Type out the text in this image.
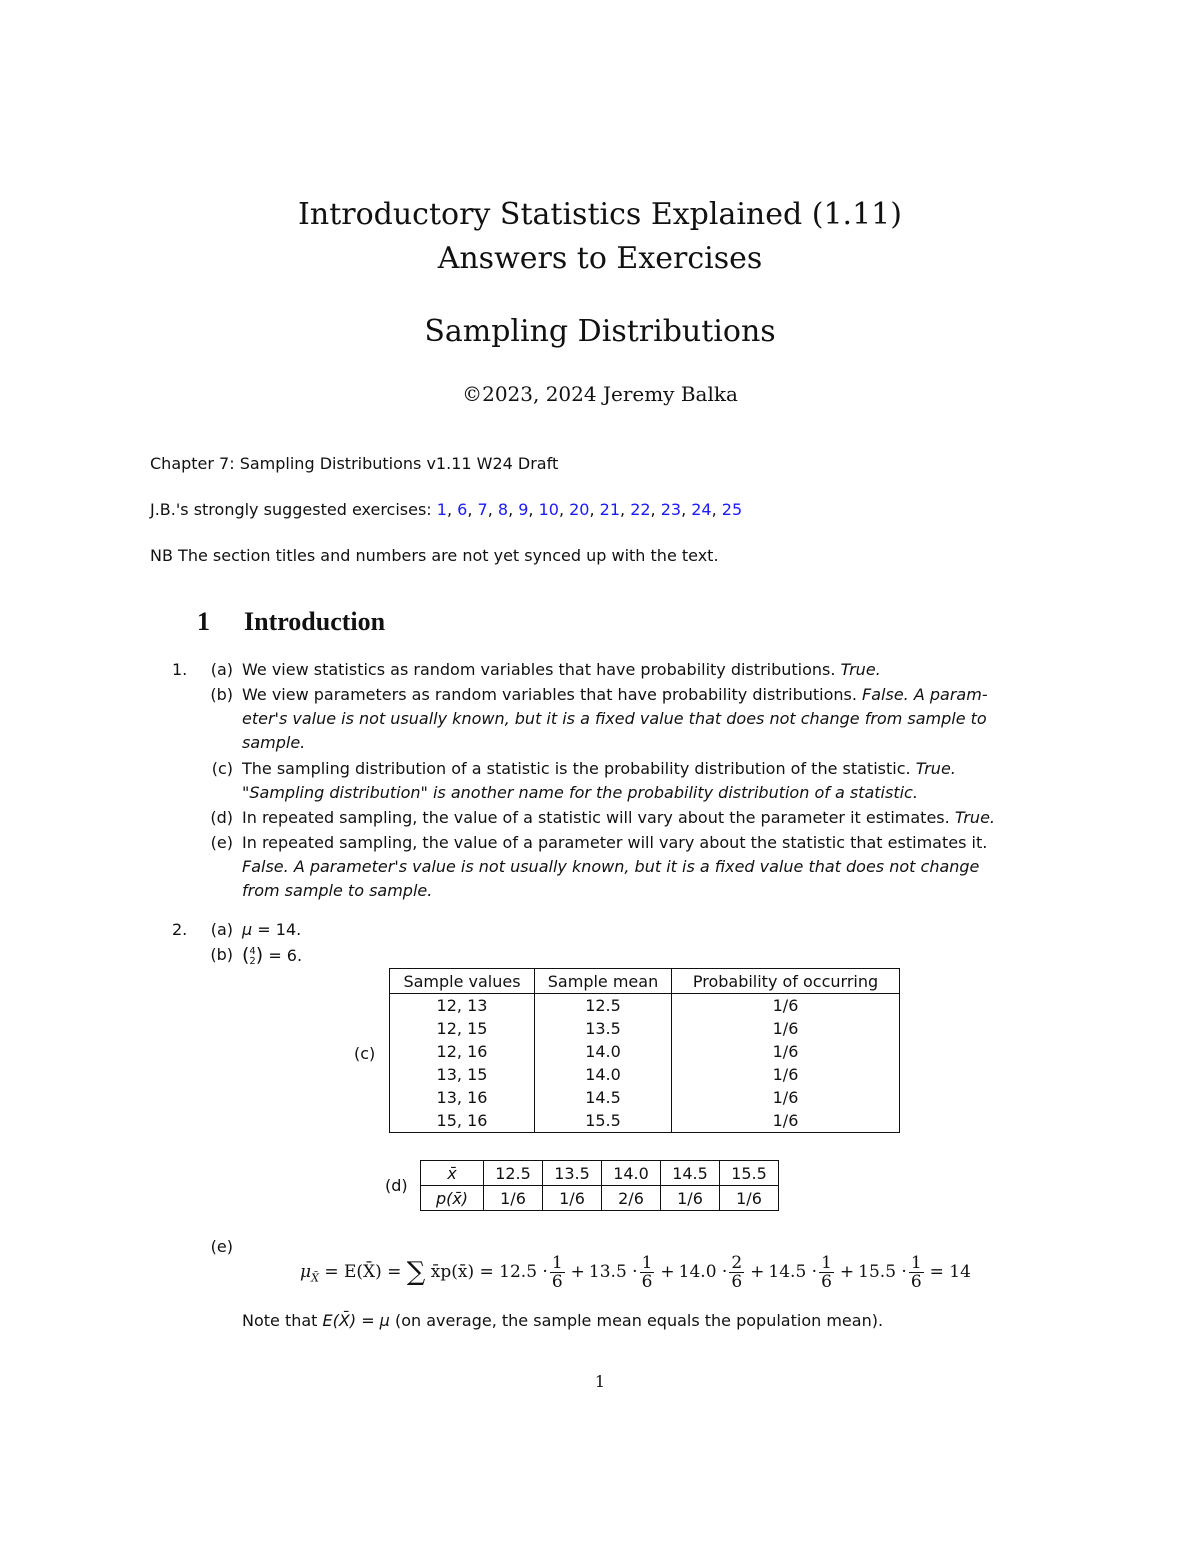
Introductory Statistics Explained (1.11)
Answers to Exercises
Sampling Distributions
©2023, 2024 Jeremy Balka
Chapter 7: Sampling Distributions v1.11 W24 Draft
J.B.'s strongly suggested exercises: 1, 6, 7, 8, 9, 10, 20, 21, 22, 23, 24, 25
NB The section titles and numbers are not yet synced up with the text.
1 Introduction
1.	(a) We view statistics as random variables that have probability distributions. True.
(b) We view parameters as random variables that have probability distributions. False. A param-
eter's value is not usually known, but it is a fixed value that does not change from sample to
sample.
(c) The sampling distribution of a statistic is the probability distribution of the statistic. True.
"Sampling distribution" is another name for the probability distribution of a statistic.
(d) In repeated sampling, the value of a statistic will vary about the parameter it estimates. True.
(e) In repeated sampling, the value of a parameter will vary about the statistic that estimates it.
False. A parameter's value is not usually known, but it is a fixed value that does not change
from sample to sample.
2.	(a) μ = 14.
(b) ( 4
2 ) = 6.
(c)
Sample values	Sample mean	Probability of occurring
12, 13	12.5	1/6
12, 15	13.5	1/6
12, 16	14.0	1/6
13, 15	14.0	1/6
13, 16	14.5	1/6
15, 16	15.5	1/6
(d)
x̄	12.5	13.5	14.0	14.5	15.5
p(x̄)	1/6	1/6	2/6	1/6	1/6
(e)
$\mu_{X̄}$ = E(X̄) = ∑ x̄p(x̄) = $12.5 \cdot \frac{1}{6} + 13.5 \cdot \frac{1}{6} + 14.0 \cdot \frac{2}{6} + 14.5 \cdot \frac{1}{6} + 15.5 \cdot \frac{1}{6} = 14$
Note that E(X̄) = μ (on average, the sample mean equals the population mean).
1
